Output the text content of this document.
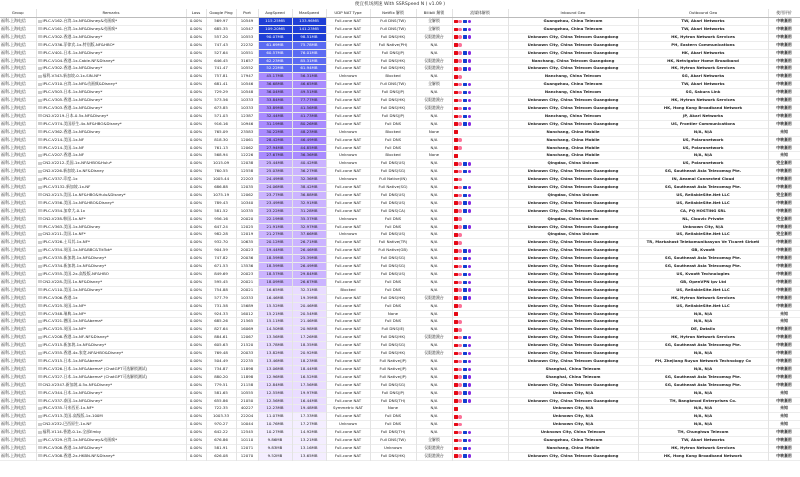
便宜机场测速 With SSRSpeed N ( v1.09 )
Group	Remarks	Loss	Google Ping	Port	AvgSpeed	MaxSpeed	UDP NAT Type	Netflix 解锁	Bilibili 解锁	流媒体解锁	Inbound Geo	Outbound Geo	使用评价
福利-上海电信	IPLC-V162-台湾-1x-NF&Disney&动画疯*	0.00%	569.97	10549	115.25MB	133.96MB	Full-cone NAT	Full DNS(TW)	全解锁		Guangzhou, China Telecom	TW, Akari Networks	中转套用
福利-上海电信	IPLC-V161-台湾-1x-NF&Disney&动画疯*	0.00%	685.35	10547	109.20MB	141.23MB	Full-cone NAT	Full DNS(TW)	全解锁		Guangzhou, China Telecom	TW, Akari Networks	中转套用
福利-上海电信	IPLC-V302-香港-1x-NF&Disney*	0.00%	557.20	10553	90.07MB	98.51MB	Full-cone NAT	Full DNS(HK)	仅限港澳台		Unknown City, China Telecom Guangdong	HK, Hytron Network Services	中转套用
福利-上海电信	IPLC-V336-菲律宾-1x-特别版-NF&HBO*	0.00%	747.43	22232	61.69MB	75.78MB	Full-cone NAT	Full Native(PH)	N/A		Unknown City, China Telecom Guangdong	PH, Eastern Communications	中转套用
福利-上海电信	IPLC-V401-日本-1x-NF&Disney*	0.00%	527.64	10551	60.57MB	76.01MB	Full-cone NAT	Full DNS(JP)	N/A		Unknown City, China Telecom Guangdong	HK, Akari Networks	中转套用
福利-上海电信	IPLC-V104-香港-1x-Cable-NF&Disney*	0.00%	646.45	31657	62.23MB	85.31MB	Full-cone NAT	Full DNS(HK)	仅限港澳台		Nanchang, China Telecom Guangdong	HK, Netvigator Home Broadband	中转套用
福利-上海电信	IPLC-V302-香港-1x-NF&Disney*	0.00%	741.47	10552	52.22MB	61.94MB	Full-cone NAT	Full DNS(HK)	仅限港澳台		Unknown City, China Telecom Guangdong	HK, Hytron Network Services	中转套用
福利-上海电信	福利-V343-新加坡-0.1x-SIN-NF*	0.00%	757.81	17947	45.17MB	56.31MB	Unknown	Blocked	N/A		Nanchang, China Telecom	SG, Akari Networks	中转套用
福利-上海电信	IPLC-V310-台湾-1x-NF&动画疯&Disney*	0.00%	681.41	10546	36.68MB	46.65MB	Full-cone NAT	Full DNS(TW)	全解锁		Guangzhou, China Telecom	TW, Akari Networks	中转套用
福利-上海电信	IPLC-V503-日本-1x-NF&Disney*	0.00%	729.29	10548	36.04MB	49.51MB	Full-cone NAT	Full DNS(JP)	N/A		Nanchang, China Telecom	SG, Sakura Link	中转套用
福利-上海电信	IPLC-V305-香港-1x-NF&Disney*	0.00%	573.56	10333	33.84MB	77.77MB	Full-cone NAT	Full DNS(HK)	仅限港澳台		Unknown City, China Telecom Guangdong	HK, Hytron Network Services	中转套用
福利-上海电信	IPLC-V303-香港-1x-NF&Disney*	0.00%	673.85	10333	33.89MB	41.56MB	Full-cone NAT	Full DNS(HK)	仅限港澳台		Unknown City, China Telecom Guangdong	HK, Hong Kong Broadband Network	中转套用
福利-上海电信	CN2-V2219-日本-0.5x-NF&Disney*	0.00%	571.03	12387	32.44MB	41.73MB	Full-cone NAT	Full DNS(JP)	N/A		Nanchang, China Telecom	JP, Akari Networks	中转套用
福利-上海电信	IPLC-V374-美国原生-4x-NF&HBO&Disney*	0.00%	916.16	10946	31.19MB	80.26MB	Full-cone NAT	Full DNS	N/A		Unknown City, China Telecom Guangdong	US, Frontier Communications	中转套用
福利-上海电信	IPLC-V362-香港-1x-NF&Disney	0.00%	765.09	23583	30.22MB	48.23MB	Unknown	Blocked	None		Nanchang, China Mobile	N/A, N/A	未知
福利-上海电信	IPLC-V214-美国-1x-NF	0.00%	818.30	12061	28.42MB	46.49MB	Full-cone NAT	Full DNS	N/A		Nanchang, China Mobile	US, Polaranetwork	中转套用
福利-上海电信	IPLC-V214-美国-1x-NF	0.00%	761.13	12062	27.94MB	44.85MB	Full-cone NAT	Full DNS	N/A		Nanchang, China Mobile	US, Polaranetwork	中转套用
福利-上海电信	IPLC-V207-香港-1x-NF	0.00%	568.94	12226	27.67MB	36.36MB	Unknown	Blocked	None		Nanchang, China Mobile	N/A, N/A	未知
福利-上海电信	CN2-V2212-美国-1x-NF&HBO&Hulu*	0.00%	1015.09	12038	25.44MB	40.42MB	Unknown	Full DNS(US)	N/A		Qingdao, China Unicom	US, Polaranetwork	完全套用
福利-上海电信	CN2-V226-新加坡-1x-NF&Disney	0.00%	760.55	12558	25.03MB	36.27MB	Full-cone NAT	Full DNS(SG)	N/A		Unknown City, China Telecom Guangdong	SG, Southeast Asia Telecomsg Pte.	中转套用
福利-上海电信	IPLC-V337-印度-1x	0.00%	1005.44	22203	24.49MB	32.36MB	Unknown	Full Native(IN)	N/A		Unknown City, China Telecom Guangdong	IN, Aeamal Connected Cloud	中转套用
福利-上海电信	IPLC-V3132-新加坡-1x-NF	0.00%	686.88	12035	24.06MB	38.42MB	Full-cone NAT	Full Native(SG)	N/A		Unknown City, China Telecom Guangdong	SG, Southeast Asia Telecomsg Pte.	中转套用
福利-上海电信	CN2-V213-美国-1x-NF&HBO&Hulu&Disney*	0.00%	1075.19	12062	23.77MB	36.88MB	Full-cone NAT	Full DNS(US)	N/A		Qingdao, China Unicom	US, ReliableSite.Net LLC	完全套用
福利-上海电信	IPLC-V356-美国-1x-NF&HBO&Disney*	0.00%	789.43	10340	23.49MB	32.91MB	Full-cone NAT	Full DNS(US)	N/A		Unknown City, China Telecom Guangdong	US, ReliableSite.Net LLC	中转套用
福利-上海电信	IPLC-V354-加拿大-0.1x	0.00%	581.52	10335	23.22MB	31.28MB	Full-cone NAT	Full DNS(CA)	N/A		Unknown City, China Telecom Guangdong	CA, PQ HOSTING SRL	中转套用
福利-上海电信	CN2-V238-韩国-1x-NF*	0.00%	956.16	20020	22.19MB	35.37MB	Unknown	Full DNS	N/A		Qingdao, China Unicom	NL, Clouvic Private	完全套用
福利-上海电信	IPLC-V363-美国-1x-NF&Disney	0.00%	647.24	12025	21.91MB	32.97MB	Full-cone NAT	Full DNS	N/A		Unknown City, China Telecom Guangdong	Unknown City, N/A	中转套用
福利-上海电信	CN2-V211-美国-1x-NF*	0.00%	982.28	12019	21.27MB	37.66MB	Unknown	Full DNS(US)	N/A		Qingdao, China Unicom	US, ReliableSite.Net LLC	完全套用
福利-上海电信	IPLC-V326-土耳其-1x-NF*	0.00%	932.70	10635	20.12MB	26.71MB	Full-cone NAT	Full Native(TR)	N/A		Unknown City, China Telecom Guangdong	TR, Markahost Telekomunikasyon Ve Ticaret Sirketi	中转套用
福利-上海电信	IPLC-V354-英国-1x-NF&BBC&TikTok*	0.00%	904.59	20023	19.44MB	26.46MB	Full-cone NAT	Full Native(GB)	N/A		Unknown City, China Telecom Guangdong	GB, Kvoott	中转套用
福利-上海电信	IPLC-V335-新加坡-1x-NF&Disney*	0.00%	747.82	20036	18.59MB	25.39MB	Full-cone NAT	Full DNS(SG)	N/A		Unknown City, China Telecom Guangdong	SG, Southeast Asia Telecomsg Pte.	中转套用
福利-上海电信	IPLC-V334-新加坡-1x-NF&Disney*	0.00%	671.53	13536	18.59MB	26.49MB	Full-cone NAT	Full DNS(SG)	N/A		Unknown City, China Telecom Guangdong	SG, Southeast Asia Telecomsg Pte.	中转套用
福利-上海电信	IPLC-V355-美国-2x-高级版-NF&HBO	0.00%	849.69	20023	18.57MB	29.84MB	Full-cone NAT	Full DNS(US)	N/A		Unknown City, China Telecom Guangdong	US, Kvoott Technologies	中转套用
福利-上海电信	CN2-V228-美国-1x-NF&Disney*	0.00%	595.45	20021	18.09MB	26.67MB	Full-cone NAT	Full DNS	N/A		Unknown City, China Telecom Guangdong	GB, OpenVPN ipv Ltd	中转套用
福利-上海电信	IPLC-V110-美国-1x-NF&Disney*	0.00%	754.88	20021	16.65MB	32.31MB	Blocked	Full DNS	N/A		Unknown City, China Telecom Guangdong	US, ReliableSite.Net LLC	中转套用
福利-上海电信	IPLC-V306-香港-1x	0.00%	577.79	10333	16.46MB	19.39MB	Full-cone NAT	Full DNS(HK)	仅限港澳台		Unknown City, China Telecom Guangdong	HK, Hytron Network Services	中转套用
福利-上海电信	IPLC-V325-英国-1x-NF*	0.00%	731.58	15689	15.52MB	20.46MB	Full-cone NAT	Full DNS	N/A		Unknown City, China Telecom Guangdong	US, ReliableSite.Net LLC	中转套用
福利-上海电信	IPLC-V348-瑞典-1x-NF*	0.00%	924.33	16012	15.21MB	20.54MB	Full-cone NAT	None	N/A		Unknown City, China Telecom Guangdong	N/A, N/A	未知
福利-上海电信	IPLC-V321-德国-1x-NF&Abema*	0.00%	685.26	21565	15.11MB	21.46MB	Full-cone NAT	Full DNS	N/A		Unknown City, China Telecom Guangdong	N/A, N/A	未知
福利-上海电信	IPLC-V325-英国-1x-NF*	0.00%	827.64	16069	14.50MB	20.98MB	Full-cone NAT	Full DNS(IE)	N/A		Unknown City, China Telecom Guangdong	DE, Datalix	中转套用
福利-上海电信	IPLC-V208-香港-1x-NF-NF&Disney*	0.00%	884.61	12067	13.56MB	17.26MB	Full-cone NAT	Full DNS(HK)	仅限港澳台		Unknown City, China Telecom Guangdong	HK, Hytron Network Services	中转套用
福利-上海电信	IPLC-V315-新加坡-1x-NF&Disney*	0.00%	605.63	21520	13.78MB	18.35MB	Full-cone NAT	Full DNS(SG)	N/A		Unknown City, China Telecom Guangdong	SG, Southeast Asia Telecomsg Pte.	中转套用
福利-上海电信	IPLC-V355-香港-4x-家宽-NF&HBO&Disney*	0.00%	769.48	20033	13.82MB	20.92MB	Full-cone NAT	Full DNS(HK)	仅限港澳台		Unknown City, China Telecom Guangdong	N/A, N/A	中转套用
福利-上海电信	IPLC-V315-日本-1x-NF&Abema*	0.00%	504.49	22235	13.46MB	18.23MB	Full-cone NAT	Full Native(JP)	N/A		Unknown City, China Telecom Guangdong	PH, Zhejiang Ruyun Network Technology Co	中转套用
福利-上海电信	IPLC-V326-日本-1x-NF&Abema* (ChatGPT可选解锁测试)	0.00%	734.87	11898	13.06MB	18.44MB	Full-cone NAT	Full Native(JP)	N/A		Shanghai, China Telecom	N/A, N/A	中转套用
福利-上海电信	IPLC-V327-日本-1x-NF&Abema* (ChatGPT可选解锁测试)	0.00%	880.20	11898	12.96MB	16.52MB	Full-cone NAT	Full Native(JP)	N/A		Shanghai, China Telecom	SG, Southeast Asia Telecomsg Pte.	中转套用
福利-上海电信	CN2-V2347-新加坡-0.5x-NF&Disney*	0.00%	779.51	21158	12.84MB	17.56MB	Full-cone NAT	Full DNS(SG)	N/A		Unknown City, China Telecom Guangdong	SG, Southeast Asia Telecomsg Pte.	中转套用
福利-上海电信	IPLC-V344-日本-1x-NF&Disney*	0.00%	581.65	10555	12.55MB	19.97MB	Full-cone NAT	Full DNS(JP)	N/A		Unknown City, N/A	N/A, N/A	未知
福利-上海电信	IPLC-V337-泰国-1x-NF&Disney*	0.00%	655.86	21050	12.56MB	16.44MB	Full-cone NAT	Full DNS(TH)	N/A		Unknown City, China Telecom Guangdong	TH, Bangkmod Enterprises Co.	中转套用
福利-上海电信	IPLC-V335-马来西亚-1x-NF*	0.00%	722.35	40227	12.23MB	19.48MB	Symmetric NAT	None	N/A		Unknown City, N/A	N/A, N/A	未知
福利-上海电信	IPLC-V313-美国-高级版-1x-100M	0.00%	1003.33	22204	11.07MB	17.33MB	Full-cone NAT	Full DNS	N/A		Unknown City, N/A	N/A, N/A	未知
福利-上海电信	CN2-V232-巴西原生-1x-NF	0.00%	970.27	10044	10.76MB	17.27MB	Unknown	Full DNS	N/A		Unknown City, N/A	N/A, N/A	未知
福利-上海电信	福利-V114-香港-0.1x-全部Emby	0.00%	642.22	12545	10.27MB	14.92MB	Full-cone NAT	Full DNS(TH)	N/A		Unknown City, China Telecom	TH, Chunghwa Telecom	中转套用
福利-上海电信	IPLC-V329-台湾-1x-NF&Disney&动画疯*	0.00%	676.86	10110	9.86MB	13.21MB	Full-cone NAT	Full DNS(TW)	全解锁		Guangzhou, China Telecom	TW, Akari Networks	中转套用
福利-上海电信	IPLC-V308-香港-1x-NF&Disney*	0.00%	581.91	12071	9.83MB	13.16MB	Full-cone NAT	Unknown	仅限港澳台		Nanchang, China Mobile	HK, Hytron Network Services	中转套用
福利-上海电信	IPLC-V308-香港-2x-HKBN-NF&Disney*	0.00%	626.08	12070	9.52MB	13.65MB	Full-cone NAT	Full DNS(HK)	仅限港澳台		Unknown City, China Telecom Guangdong	HK, Hong Kong Broadband Network	中转套用
